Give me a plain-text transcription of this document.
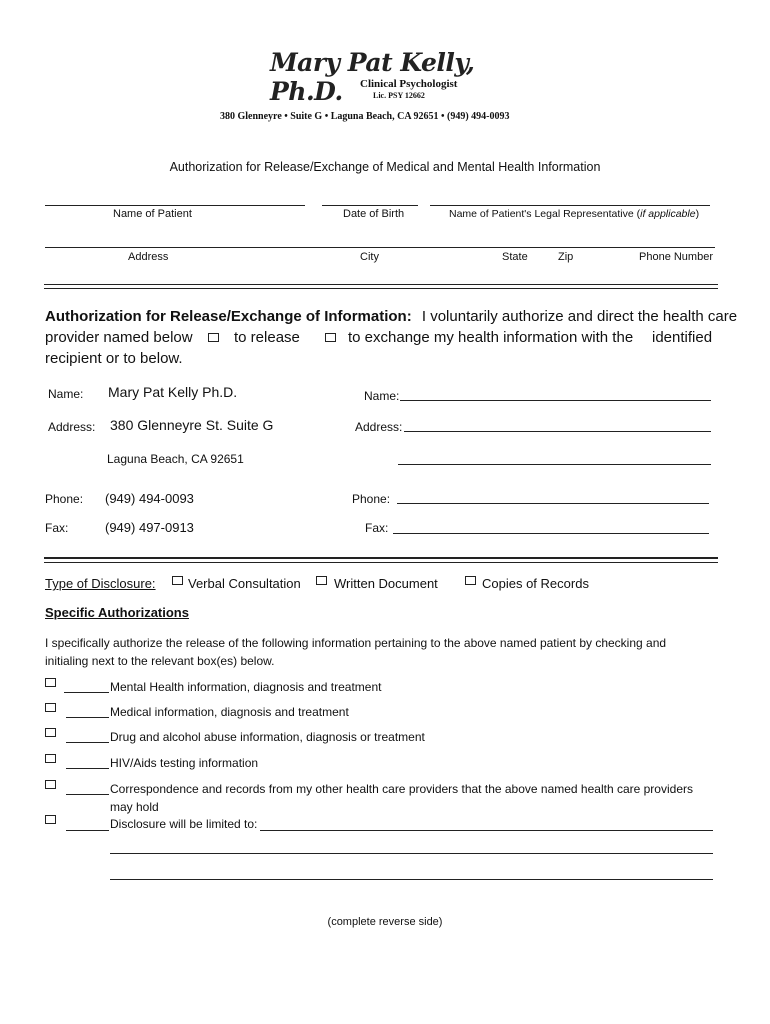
Mary Pat Kelly, Ph.D.	Clinical Psychologist
Lic. PSY 12662
380 Glenneyre • Suite G • Laguna Beach, CA 92651 • (949) 494-0093
Authorization for Release/Exchange of Medical and Mental Health Information
Name of Patient	Date of Birth	Name of Patient's Legal Representative (if applicable)
Address	City	State	Zip	Phone Number
Authorization for Release/Exchange of Information: I voluntarily authorize and direct the health care
provider named below	to release	to exchange my health information with the identified
recipient or to below.
Name: Mary Pat Kelly Ph.D.
Address: 380 Glenneyre St. Suite G
Laguna Beach, CA 92651
Phone: (949) 494-0093
Fax:	(949) 497-0913
Name:
Address:
Phone:
Fax:
Type of Disclosure: Verbal Consultation	Written Document	Copies of Records
Specific Authorizations
I specifically authorize the release of the following information pertaining to the above named patient by checking and
initialing next to the relevant box(es) below.
Mental Health information, diagnosis and treatment
Medical information, diagnosis and treatment
Drug and alcohol abuse information, diagnosis or treatment
HIV/Aids testing information
Correspondence and records from my other health care providers that the above named health care providers
may hold
Disclosure will be limited to:
(complete reverse side)
